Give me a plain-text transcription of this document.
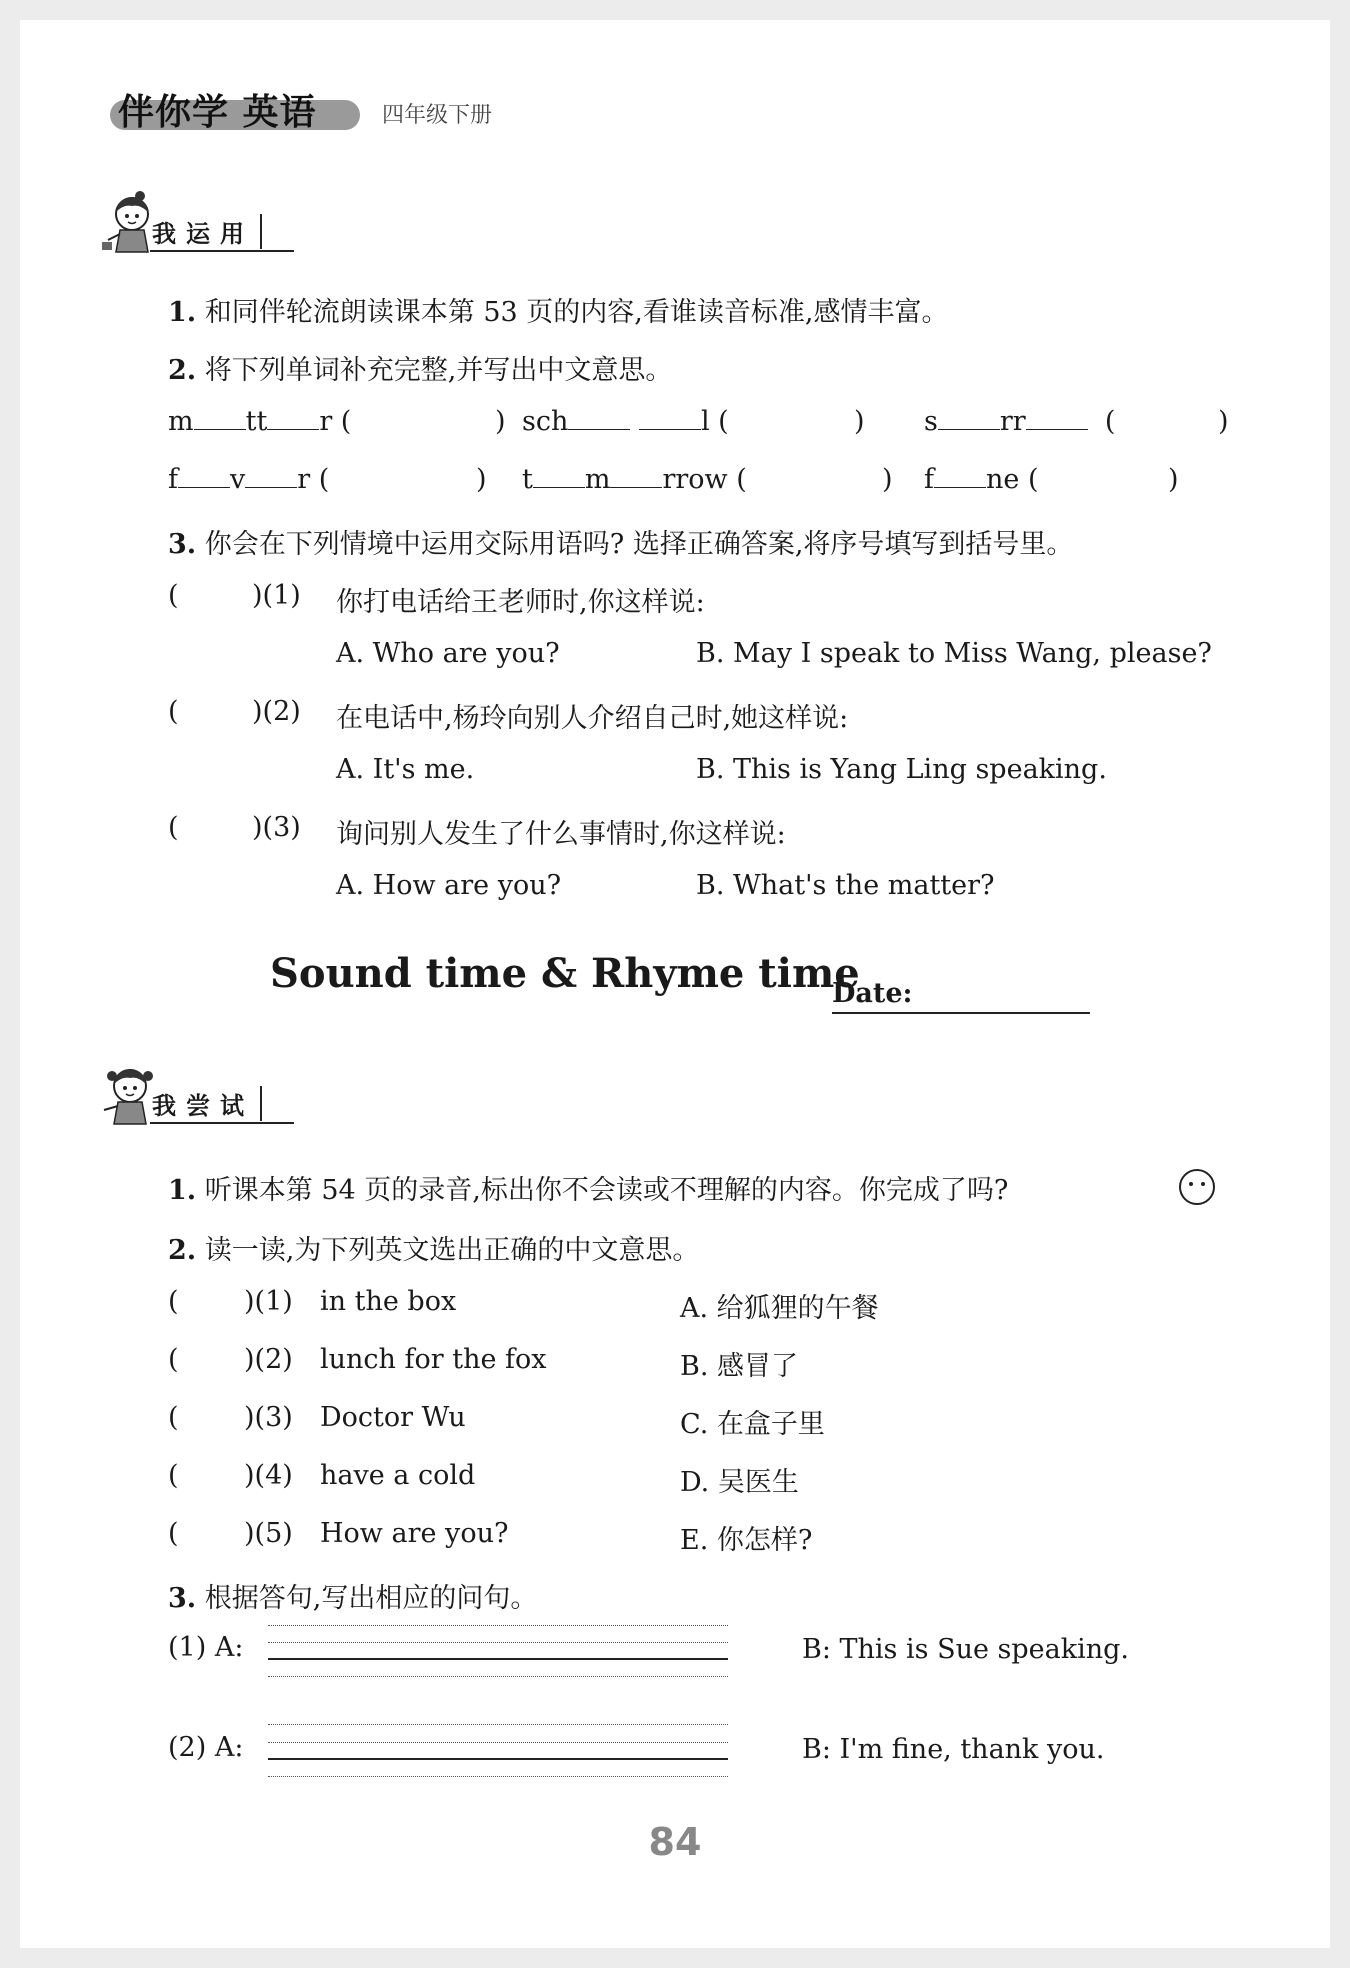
伴你学 英语	四年级下册
我运用
1. 和同伴轮流朗读课本第 53 页的内容,看谁读音标准,感情丰富。
2. 将下列单词补充完整,并写出中文意思。
m tt r (	) sch	l (	) s rr	(	)
f v r (	) t m rrow (	) f ne (	)
3. 你会在下列情境中运用交际用语吗? 选择正确答案,将序号填写到括号里。
(	)(1) 你打电话给王老师时,你这样说:
A. Who are you?	B. May I speak to Miss Wang, please?
(	)(2) 在电话中,杨玲向别人介绍自己时,她这样说:
A. It's me.	B. This is Yang Ling speaking.
(	)(3) 询问别人发生了什么事情时,你这样说:
A. How are you?	B. What's the matter?
Sound time & Rhyme time
Date:
我尝试
1. 听课本第 54 页的录音,标出你不会读或不理解的内容。你完成了吗?
2. 读一读,为下列英文选出正确的中文意思。
( )(1) in the box	A. 给狐狸的午餐
( )(2) lunch for the fox	B. 感冒了
( )(3) Doctor Wu	C. 在盒子里
( )(4) have a cold	D. 吴医生
( )(5) How are you?	E. 你怎样?
3. 根据答句,写出相应的问句。
(1) A:	B: This is Sue speaking.
(2) A:	B: I'm fine, thank you.
84
